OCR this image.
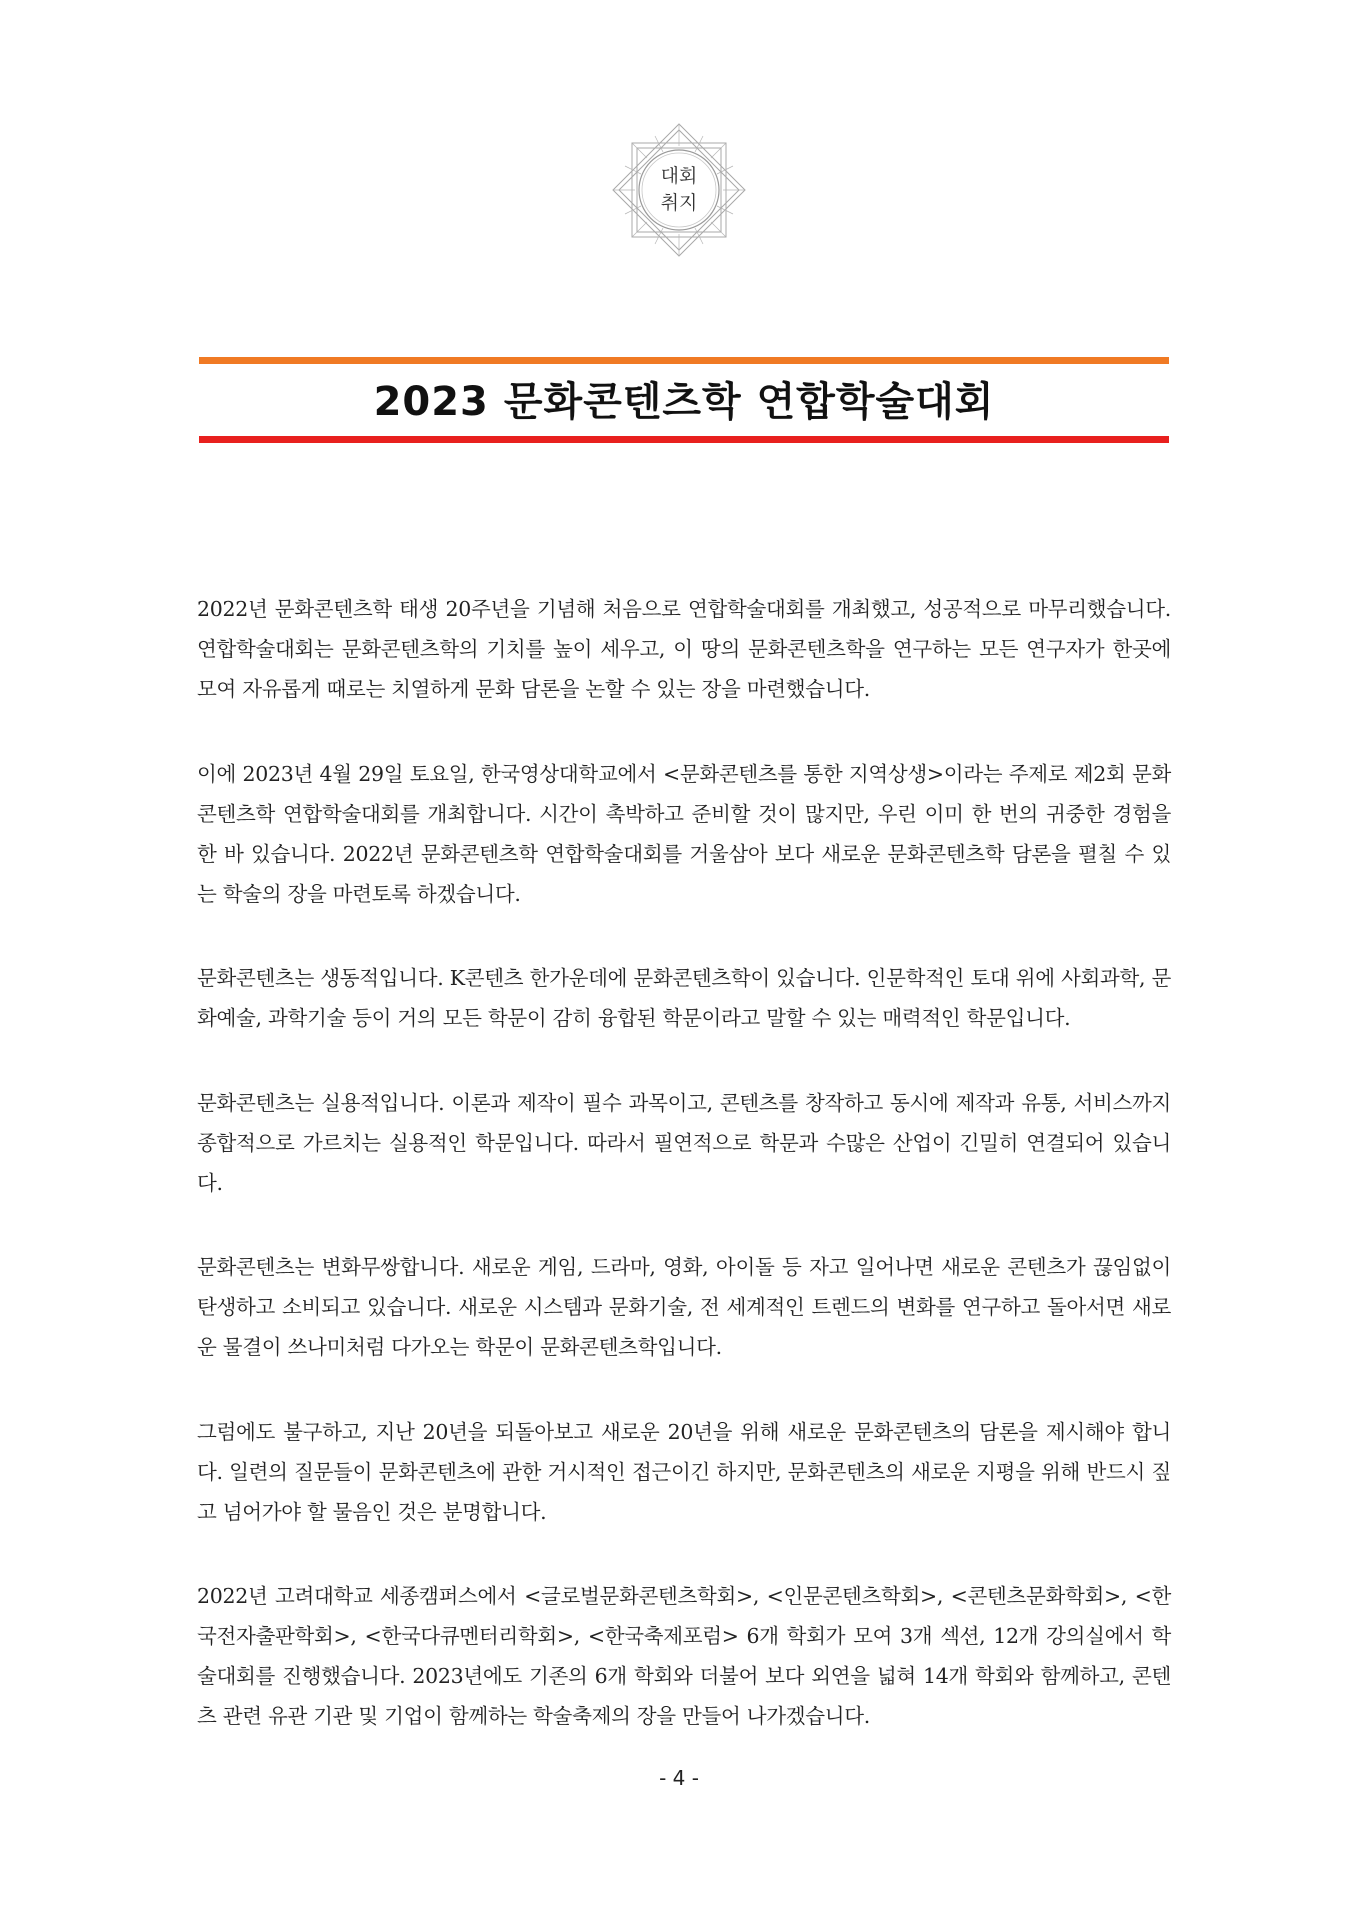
대회
취지
2023 문화콘텐츠학 연합학술대회

2022년 문화콘텐츠학 태생 20주년을 기념해 처음으로 연합학술대회를 개최했고, 성공적으로 마무리했습니다. 연합학술대회는 문화콘텐츠학의 기치를 높이 세우고, 이 땅의 문화콘텐츠학을 연구하는 모든 연구자가 한곳에 모여 자유롭게 때로는 치열하게 문화 담론을 논할 수 있는 장을 마련했습니다.

이에 2023년 4월 29일 토요일, 한국영상대학교에서 <문화콘텐츠를 통한 지역상생>이라는 주제로 제2회 문화콘텐츠학 연합학술대회를 개최합니다. 시간이 촉박하고 준비할 것이 많지만, 우린 이미 한 번의 귀중한 경험을 한 바 있습니다. 2022년 문화콘텐츠학 연합학술대회를 거울삼아 보다 새로운 문화콘텐츠학 담론을 펼칠 수 있는 학술의 장을 마련토록 하겠습니다.

문화콘텐츠는 생동적입니다. K콘텐츠 한가운데에 문화콘텐츠학이 있습니다. 인문학적인 토대 위에 사회과학, 문화예술, 과학기술 등이 거의 모든 학문이 감히 융합된 학문이라고 말할 수 있는 매력적인 학문입니다.

문화콘텐츠는 실용적입니다. 이론과 제작이 필수 과목이고, 콘텐츠를 창작하고 동시에 제작과 유통, 서비스까지 종합적으로 가르치는 실용적인 학문입니다. 따라서 필연적으로 학문과 수많은 산업이 긴밀히 연결되어 있습니다.

문화콘텐츠는 변화무쌍합니다. 새로운 게임, 드라마, 영화, 아이돌 등 자고 일어나면 새로운 콘텐츠가 끊임없이 탄생하고 소비되고 있습니다. 새로운 시스템과 문화기술, 전 세계적인 트렌드의 변화를 연구하고 돌아서면 새로운 물결이 쓰나미처럼 다가오는 학문이 문화콘텐츠학입니다.

그럼에도 불구하고, 지난 20년을 되돌아보고 새로운 20년을 위해 새로운 문화콘텐츠의 담론을 제시해야 합니다. 일련의 질문들이 문화콘텐츠에 관한 거시적인 접근이긴 하지만, 문화콘텐츠의 새로운 지평을 위해 반드시 짚고 넘어가야 할 물음인 것은 분명합니다.

2022년 고려대학교 세종캠퍼스에서 <글로벌문화콘텐츠학회>, <인문콘텐츠학회>, <콘텐츠문화학회>, <한국전자출판학회>, <한국다큐멘터리학회>, <한국축제포럼> 6개 학회가 모여 3개 섹션, 12개 강의실에서 학술대회를 진행했습니다. 2023년에도 기존의 6개 학회와 더불어 보다 외연을 넓혀 14개 학회와 함께하고, 콘텐츠 관련 유관 기관 및 기업이 함께하는 학술축제의 장을 만들어 나가겠습니다.

- 4 -
